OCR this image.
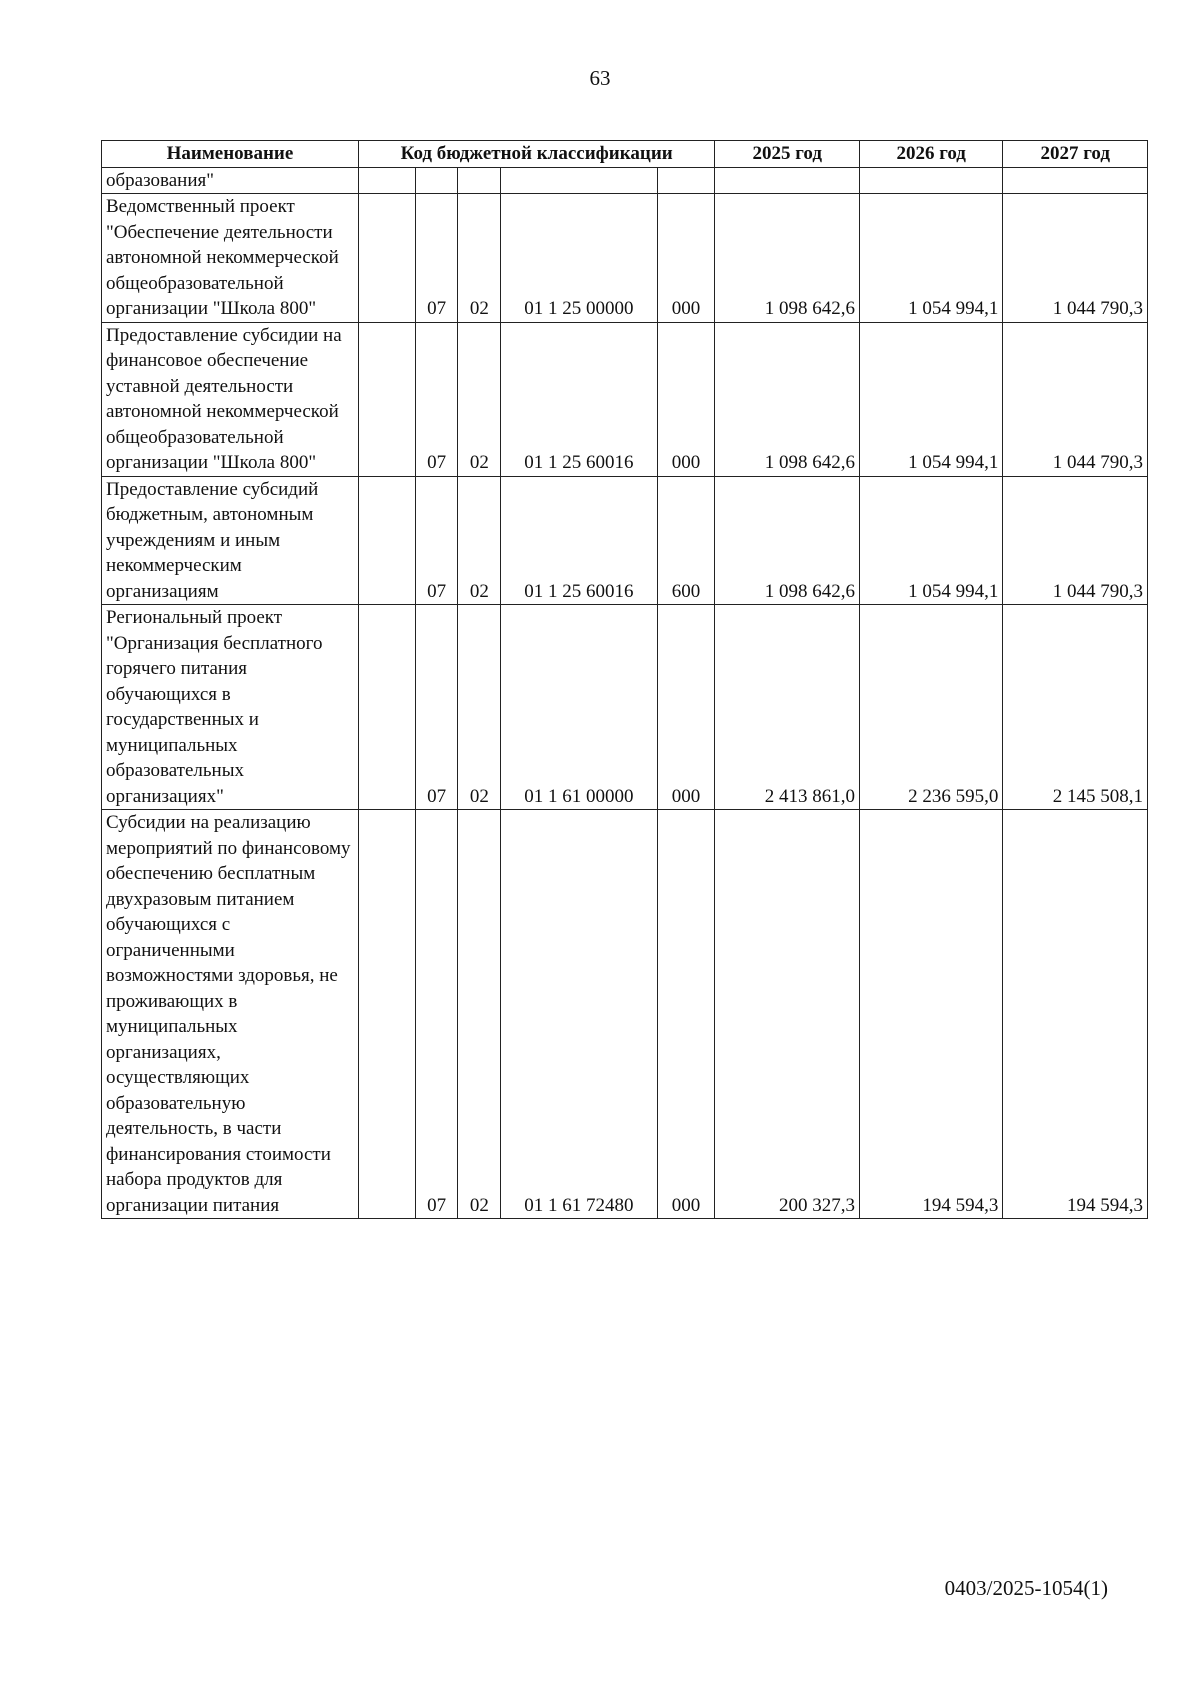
63
Наименование	Код бюджетной классификации					2025 год	2026 год	2027 год
образования"								
Ведомственный проект "Обеспечение деятельности автономной некоммерческой общеобразовательной организации "Школа 800"		07	02	01 1 25 00000	000	1 098 642,6	1 054 994,1	1 044 790,3
Предоставление субсидии на финансовое обеспечение уставной деятельности автономной некоммерческой общеобразовательной организации "Школа 800"		07	02	01 1 25 60016	000	1 098 642,6	1 054 994,1	1 044 790,3
Предоставление субсидий бюджетным, автономным учреждениям и иным некоммерческим организациям		07	02	01 1 25 60016	600	1 098 642,6	1 054 994,1	1 044 790,3
Региональный проект "Организация бесплатного горячего питания обучающихся в государственных и муниципальных образовательных организациях"		07	02	01 1 61 00000	000	2 413 861,0	2 236 595,0	2 145 508,1
Субсидии на реализацию мероприятий по финансовому обеспечению бесплатным двухразовым питанием обучающихся с ограниченными возможностями здоровья, не проживающих в муниципальных организациях, осуществляющих образовательную деятельность, в части финансирования стоимости набора продуктов для организации питания		07	02	01 1 61 72480	000	200 327,3	194 594,3	194 594,3
0403/2025-1054(1)
